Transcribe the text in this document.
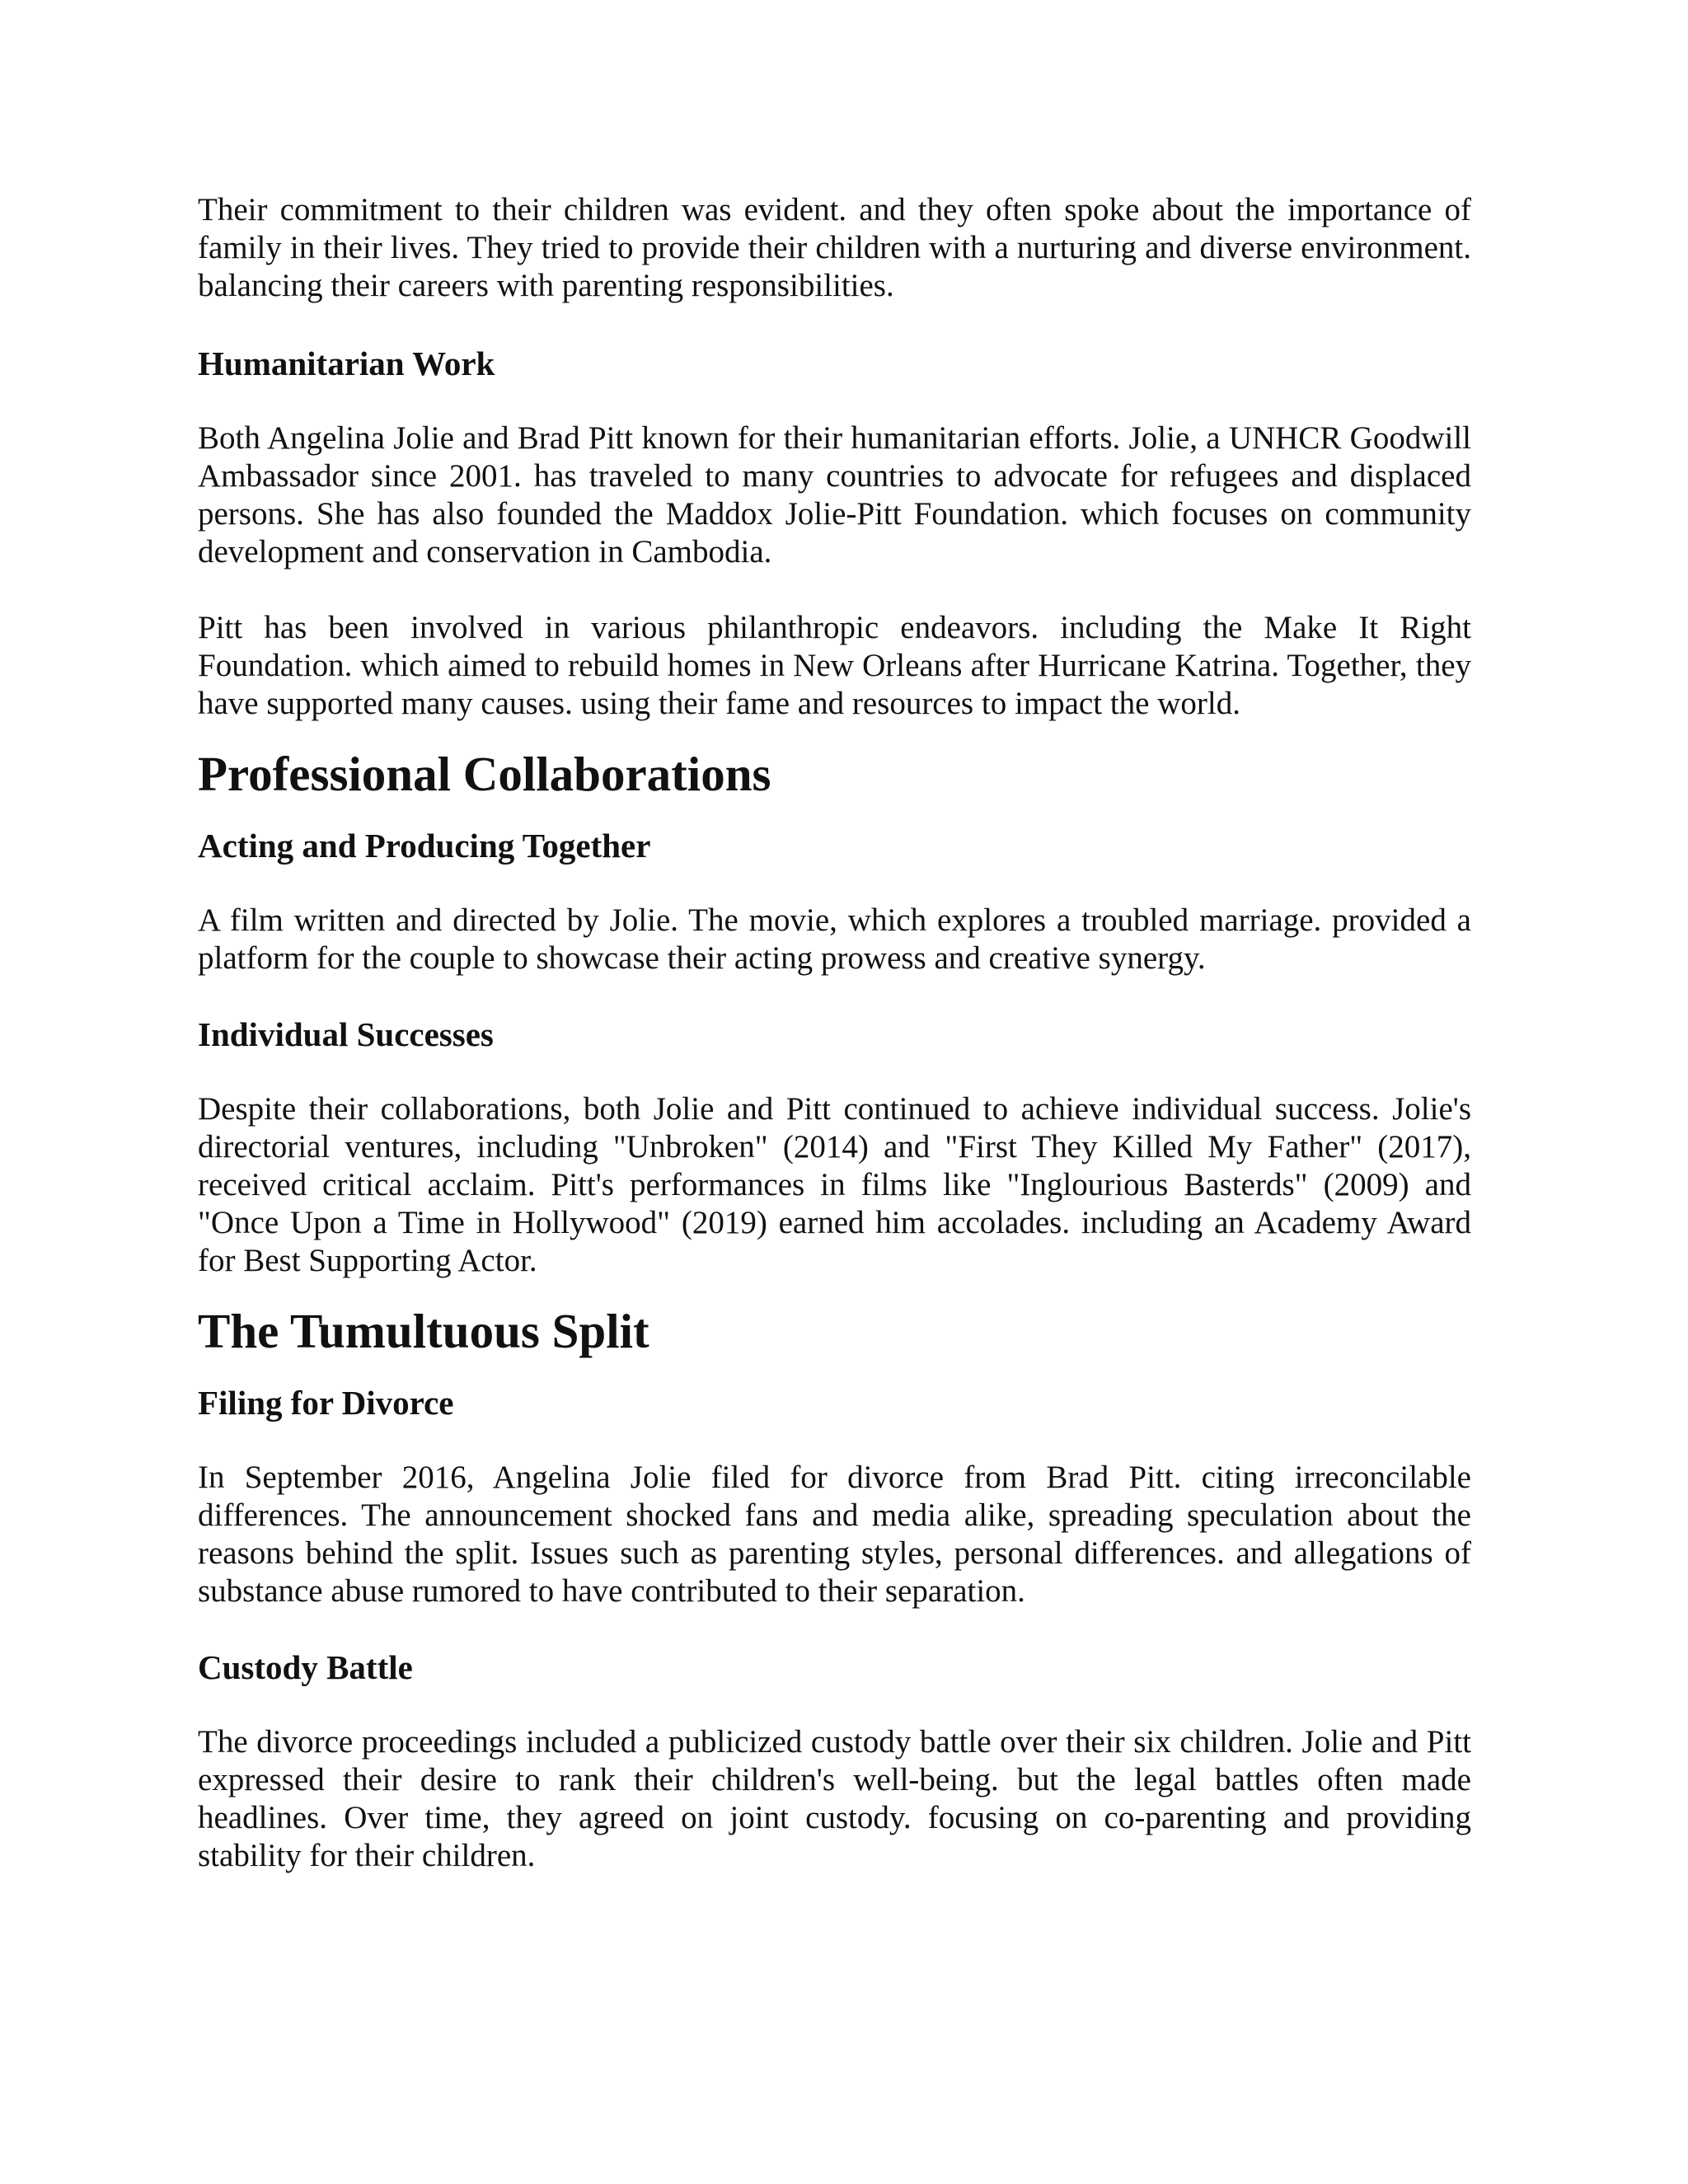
Their commitment to their children was evident. and they often spoke about the importance of family in their lives. They tried to provide their children with a nurturing and diverse environment. balancing their careers with parenting responsibilities.

Humanitarian Work

Both Angelina Jolie and Brad Pitt known for their humanitarian efforts. Jolie, a UNHCR Goodwill Ambassador since 2001. has traveled to many countries to advocate for refugees and displaced persons. She has also founded the Maddox Jolie-Pitt Foundation. which focuses on community development and conservation in Cambodia.

Pitt has been involved in various philanthropic endeavors. including the Make It Right Foundation. which aimed to rebuild homes in New Orleans after Hurricane Katrina. Together, they have supported many causes. using their fame and resources to impact the world.

Professional Collaborations
Acting and Producing Together

A film written and directed by Jolie. The movie, which explores a troubled marriage. provided a platform for the couple to showcase their acting prowess and creative synergy.

Individual Successes

Despite their collaborations, both Jolie and Pitt continued to achieve individual success. Jolie's directorial ventures, including "Unbroken" (2014) and "First They Killed My Father" (2017), received critical acclaim. Pitt's performances in films like "Inglourious Basterds" (2009) and "Once Upon a Time in Hollywood" (2019) earned him accolades. including an Academy Award for Best Supporting Actor.

The Tumultuous Split
Filing for Divorce

In September 2016, Angelina Jolie filed for divorce from Brad Pitt. citing irreconcilable differences. The announcement shocked fans and media alike, spreading speculation about the reasons behind the split. Issues such as parenting styles, personal differences. and allegations of substance abuse rumored to have contributed to their separation.

Custody Battle

The divorce proceedings included a publicized custody battle over their six children. Jolie and Pitt expressed their desire to rank their children's well-being. but the legal battles often made headlines. Over time, they agreed on joint custody. focusing on co-parenting and providing stability for their children.
